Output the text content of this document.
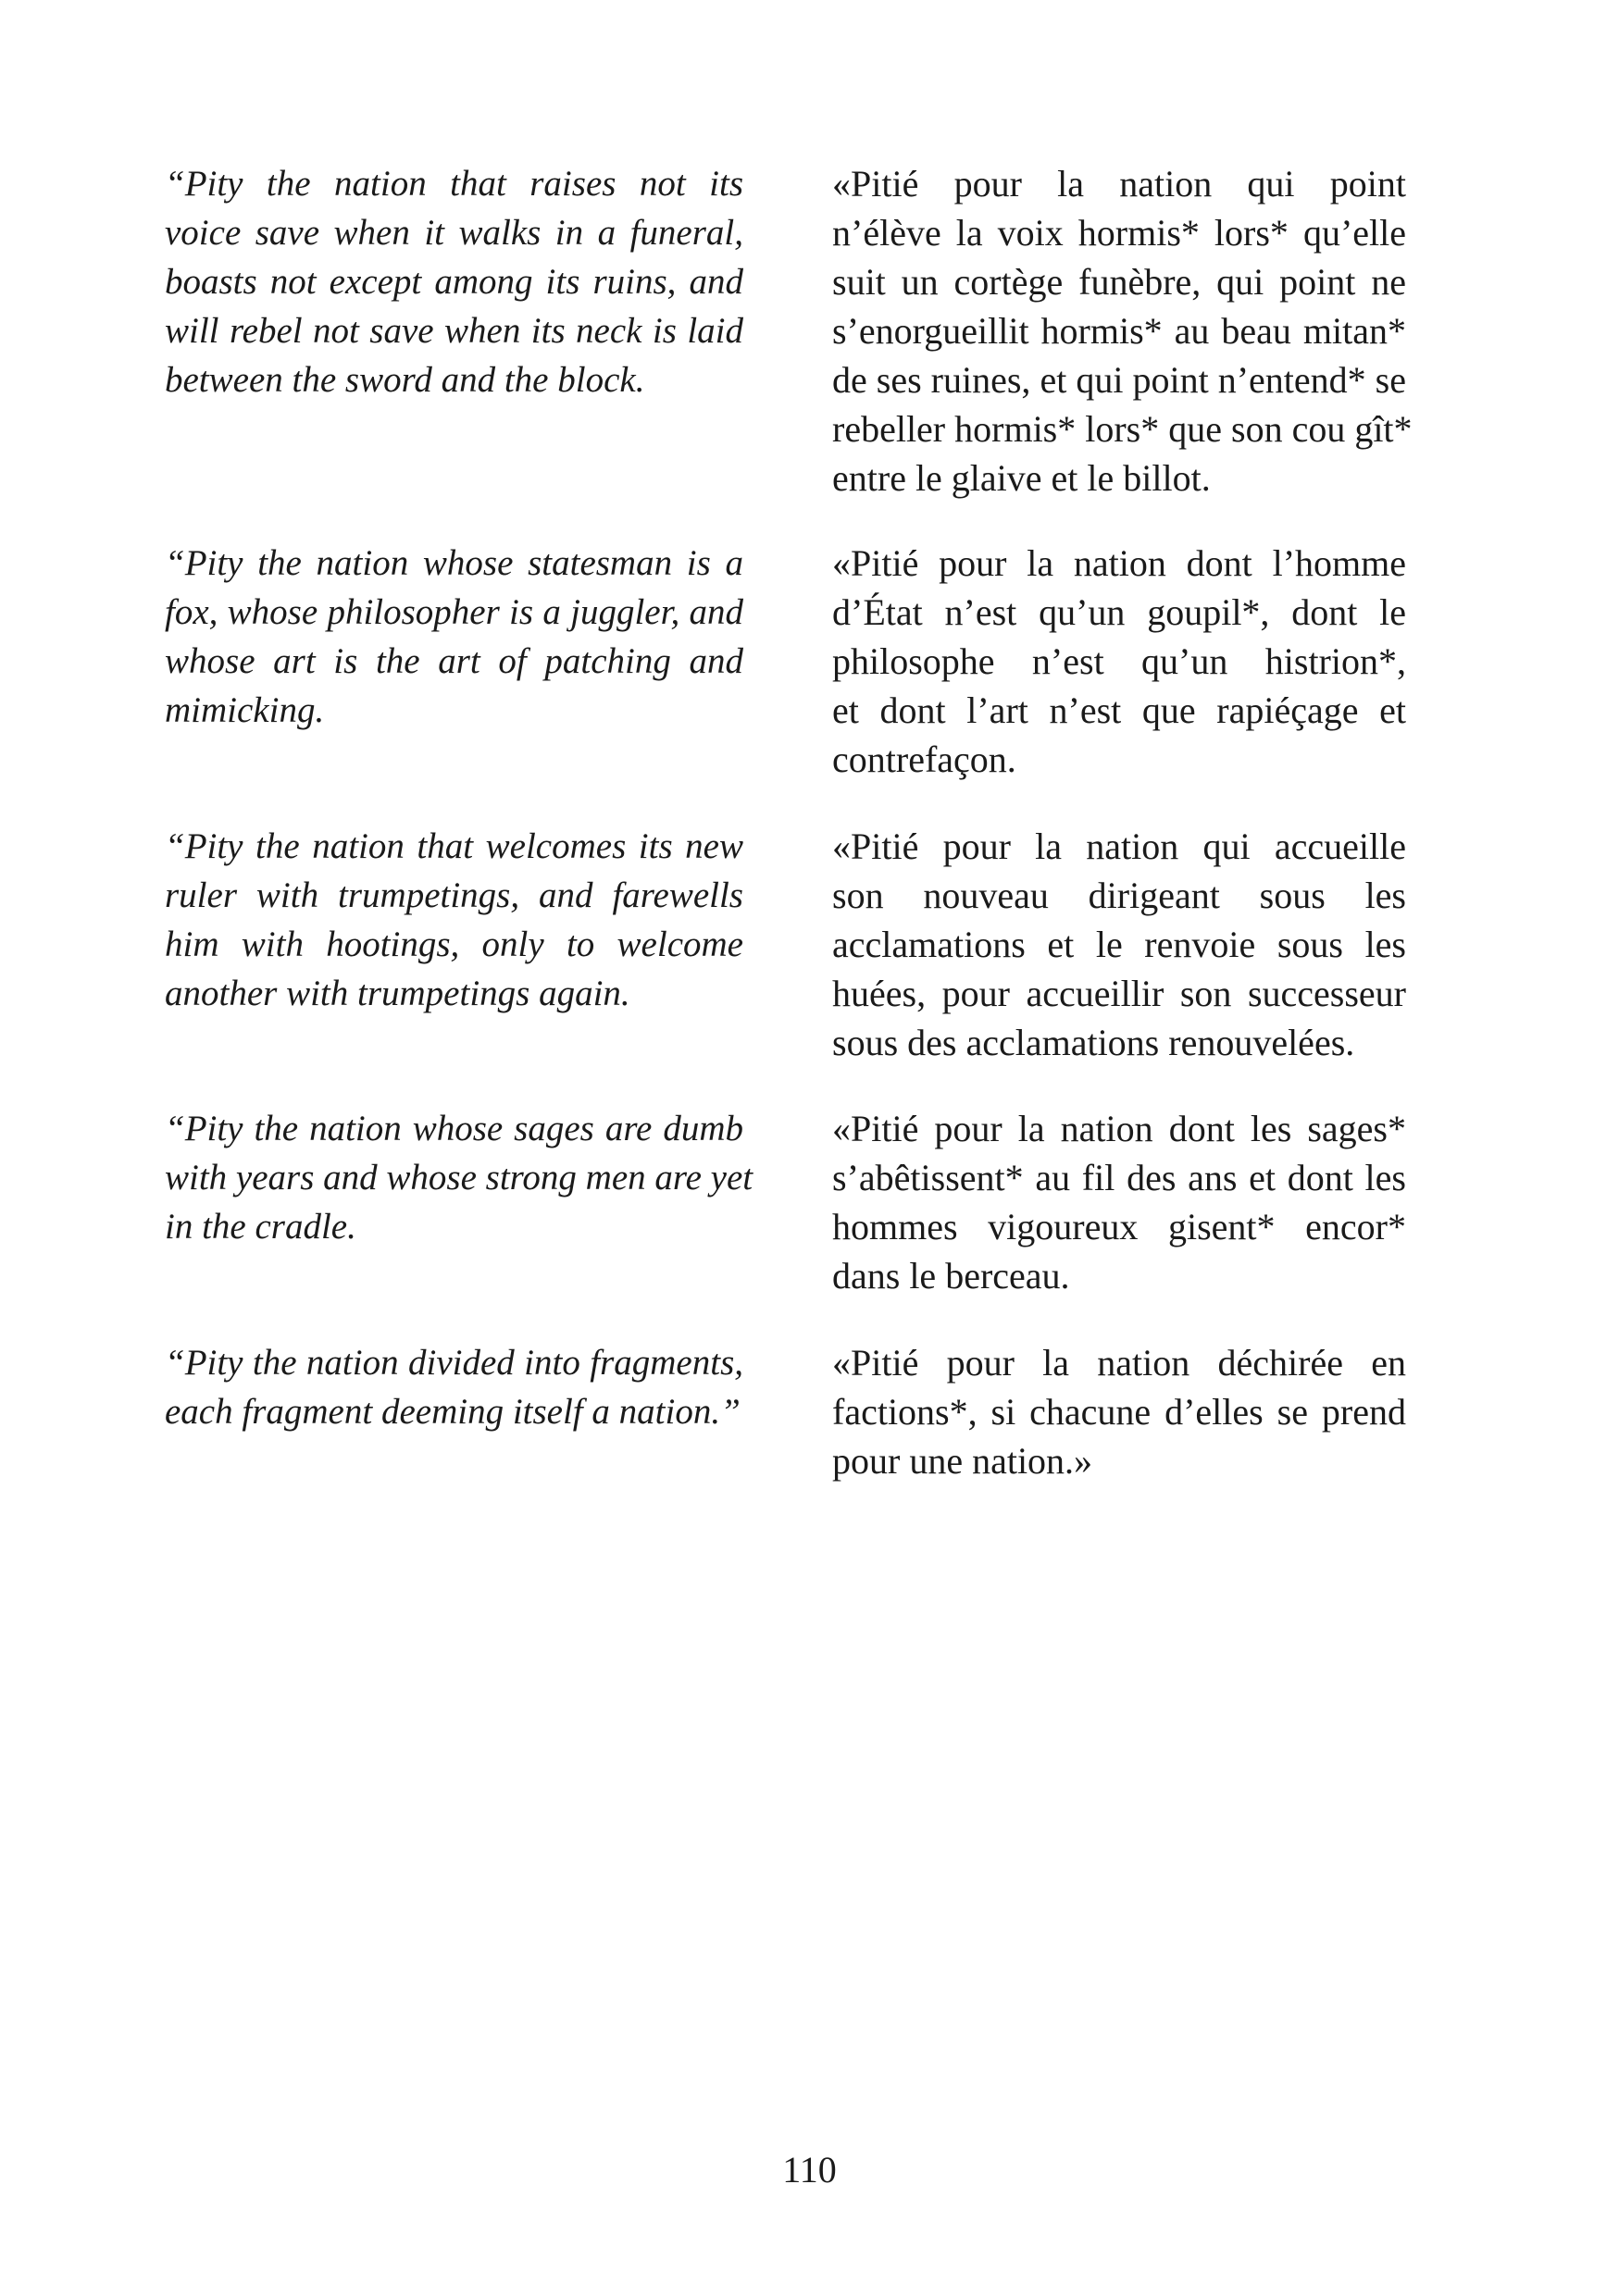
“Pity the nation that raises not its
voice save when it walks in a funeral,
boasts not except among its ruins, and
will rebel not save when its neck is laid
between the sword and the block.
«Pitié pour la nation qui point
n’élève la voix hormis* lors* qu’elle
suit un cortège funèbre, qui point ne
s’enorgueillit hormis* au beau mitan*
de ses ruines, et qui point n’entend* se
rebeller hormis* lors* que son cou gît*
entre le glaive et le billot.
“Pity the nation whose statesman is a
fox, whose philosopher is a juggler, and
whose art is the art of patching and
mimicking.
«Pitié pour la nation dont l’homme
d’État n’est qu’un goupil*, dont le
philosophe n’est qu’un histrion*,
et dont l’art n’est que rapiéçage et
contrefaçon.
“Pity the nation that welcomes its new
ruler with trumpetings, and farewells
him with hootings, only to welcome
another with trumpetings again.
«Pitié pour la nation qui accueille
son nouveau dirigeant sous les
acclamations et le renvoie sous les
huées, pour accueillir son successeur
sous des acclamations renouvelées.
“Pity the nation whose sages are dumb
with years and whose strong men are yet
in the cradle.
«Pitié pour la nation dont les sages*
s’abêtissent* au fil des ans et dont les
hommes vigoureux gisent* encor*
dans le berceau.
“Pity the nation divided into fragments,
each fragment deeming itself a nation.”
«Pitié pour la nation déchirée en
factions*, si chacune d’elles se prend
pour une nation.»
110
